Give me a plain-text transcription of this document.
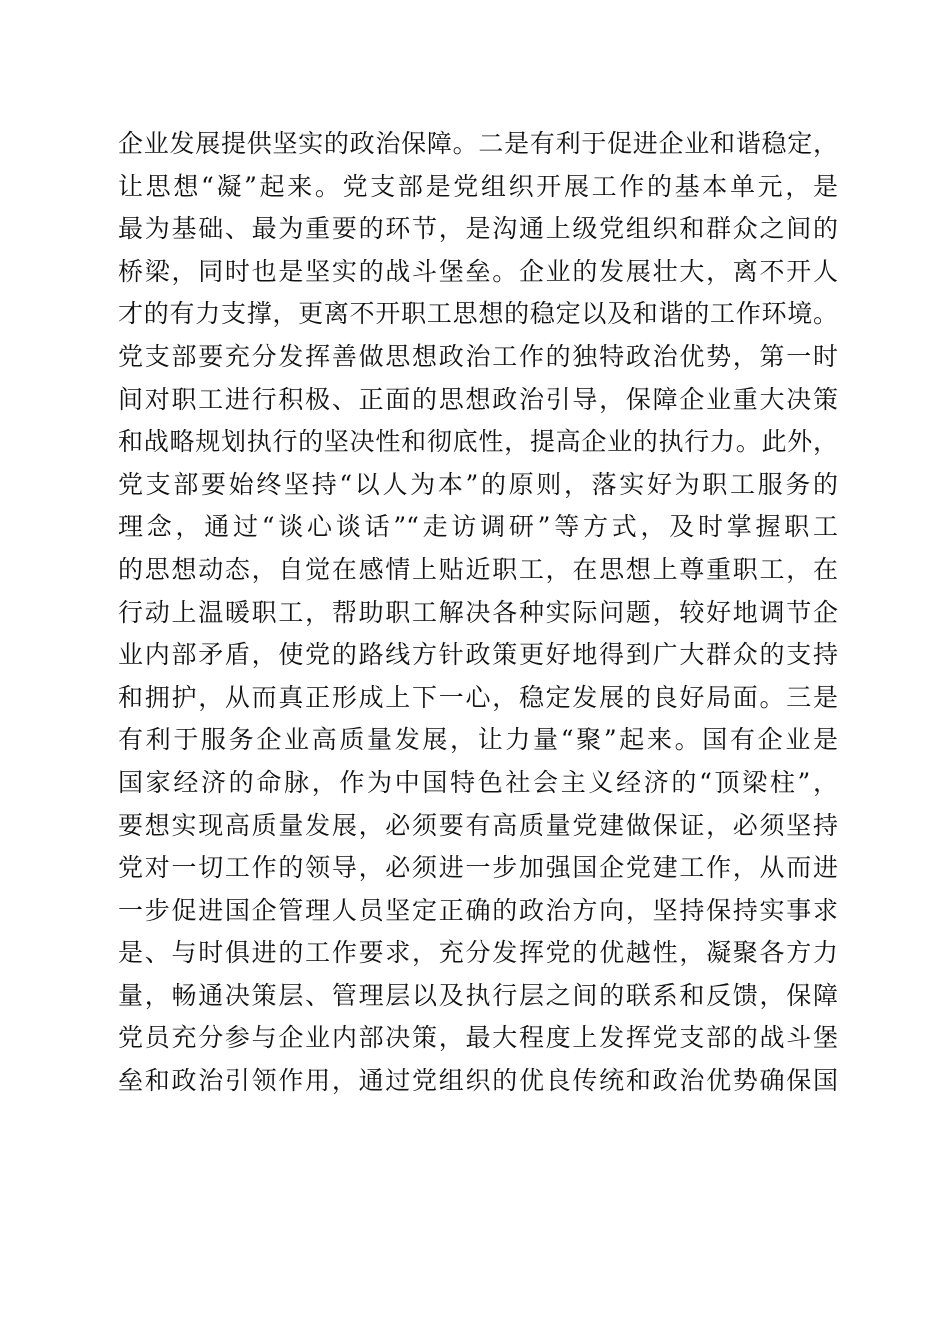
企业发展提供坚实的政治保障。二是有利于促进企业和谐稳定，
让思想“凝”起来。党支部是党组织开展工作的基本单元，是
最为基础、最为重要的环节，是沟通上级党组织和群众之间的
桥梁，同时也是坚实的战斗堡垒。企业的发展壮大，离不开人
才的有力支撑，更离不开职工思想的稳定以及和谐的工作环境。
党支部要充分发挥善做思想政治工作的独特政治优势，第一时
间对职工进行积极、正面的思想政治引导，保障企业重大决策
和战略规划执行的坚决性和彻底性，提高企业的执行力。此外，
党支部要始终坚持“以人为本”的原则，落实好为职工服务的
理念，通过“谈心谈话”“走访调研”等方式，及时掌握职工
的思想动态，自觉在感情上贴近职工，在思想上尊重职工，在
行动上温暖职工，帮助职工解决各种实际问题，较好地调节企
业内部矛盾，使党的路线方针政策更好地得到广大群众的支持
和拥护，从而真正形成上下一心，稳定发展的良好局面。三是
有利于服务企业高质量发展，让力量“聚”起来。国有企业是
国家经济的命脉，作为中国特色社会主义经济的“顶梁柱”，
要想实现高质量发展，必须要有高质量党建做保证，必须坚持
党对一切工作的领导，必须进一步加强国企党建工作，从而进
一步促进国企管理人员坚定正确的政治方向，坚持保持实事求
是、与时俱进的工作要求，充分发挥党的优越性，凝聚各方力
量，畅通决策层、管理层以及执行层之间的联系和反馈，保障
党员充分参与企业内部决策，最大程度上发挥党支部的战斗堡
垒和政治引领作用，通过党组织的优良传统和政治优势确保国
